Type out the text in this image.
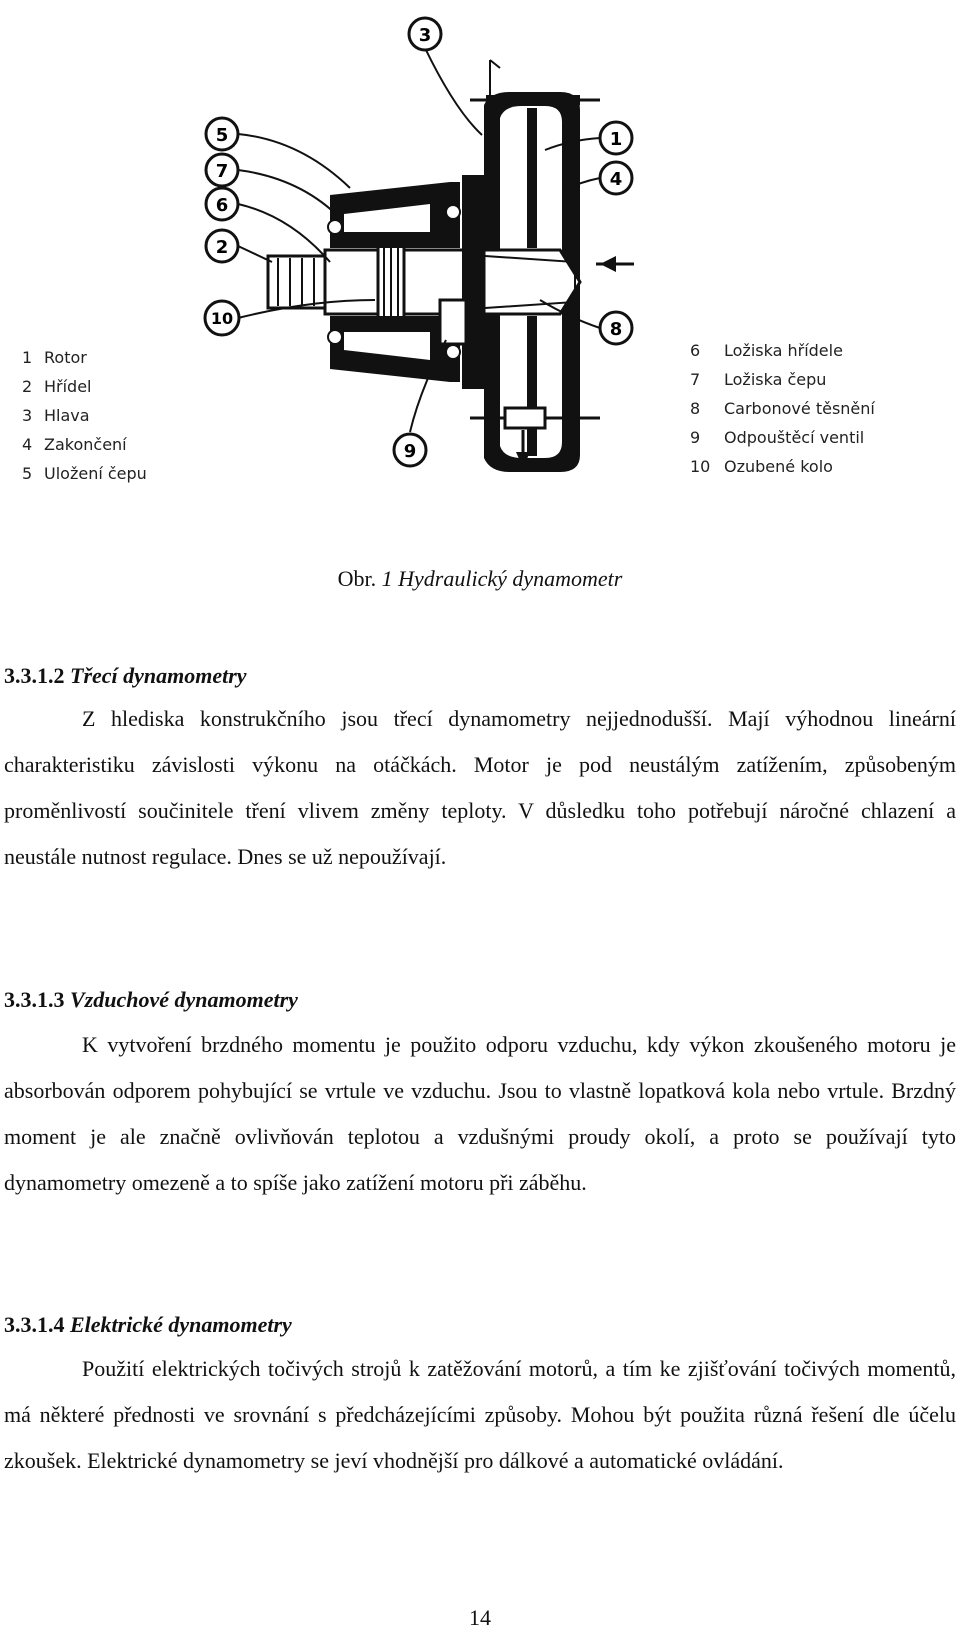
3
5
7
6
2
10
1
4
8
9
1 Rotor
2 Hřídel
3 Hlava
4 Zakončení
5 Uložení čepu
6 Ložiska hřídele
7 Ložiska čepu
8 Carbonové těsnění
9 Odpouštěcí ventil
10 Ozubené kolo
Obr. 1 Hydraulický dynamometr
3.3.1.2 Třecí dynamometry

Z hlediska konstrukčního jsou třecí dynamometry nejjednodušší. Mají výhodnou lineární charakteristiku závislosti výkonu na otáčkách. Motor je pod neustálým zatížením, způsobeným proměnlivostí součinitele tření vlivem změny teploty. V důsledku toho potřebují náročné chlazení a neustále nutnost regulace. Dnes se už nepoužívají.

3.3.1.3 Vzduchové dynamometry

K vytvoření brzdného momentu je použito odporu vzduchu, kdy výkon zkoušeného motoru je absorbován odporem pohybující se vrtule ve vzduchu. Jsou to vlastně lopatková kola nebo vrtule. Brzdný moment je ale značně ovlivňován teplotou a vzdušnými proudy okolí, a proto se používají tyto dynamometry omezeně a to spíše jako zatížení motoru při záběhu.

3.3.1.4 Elektrické dynamometry

Použití elektrických točivých strojů k zatěžování motorů, a tím ke zjišťování točivých momentů, má některé přednosti ve srovnání s předcházejícími způsoby. Mohou být použita různá řešení dle účelu zkoušek. Elektrické dynamometry se jeví vhodnější pro dálkové a automatické ovládání.

14
